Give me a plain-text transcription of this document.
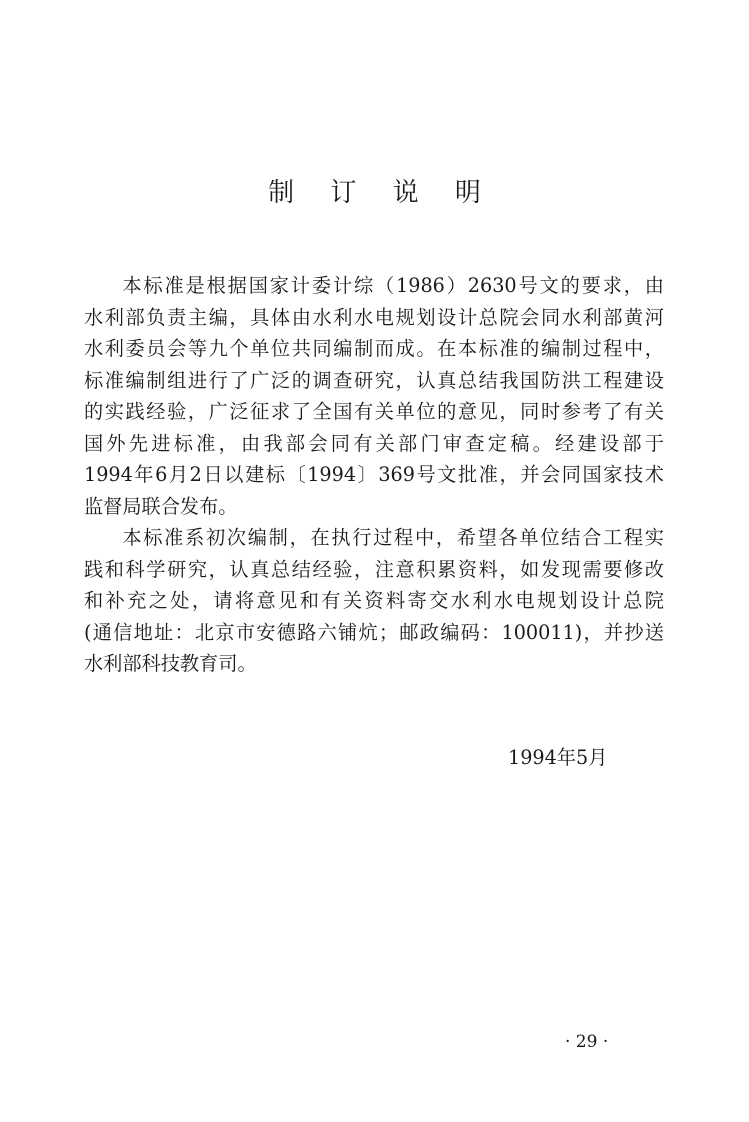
制 订 说 明
本标准是根据国家计委计综（1986）2630号文的要求，由
水利部负责主编，具体由水利水电规划设计总院会同水利部黄河
水利委员会等九个单位共同编制而成。在本标准的编制过程中，
标准编制组进行了广泛的调查研究，认真总结我国防洪工程建设
的实践经验，广泛征求了全国有关单位的意见，同时参考了有关
国外先进标准，由我部会同有关部门审查定稿。经建设部于
1994年6月2日以建标〔1994〕369号文批准，并会同国家技术
监督局联合发布。
本标准系初次编制，在执行过程中，希望各单位结合工程实
践和科学研究，认真总结经验，注意积累资料，如发现需要修改
和补充之处，请将意见和有关资料寄交水利水电规划设计总院
(通信地址：北京市安德路六铺炕；邮政编码：100011)，并抄送
水利部科技教育司。
1994年5月
· 29 ·
